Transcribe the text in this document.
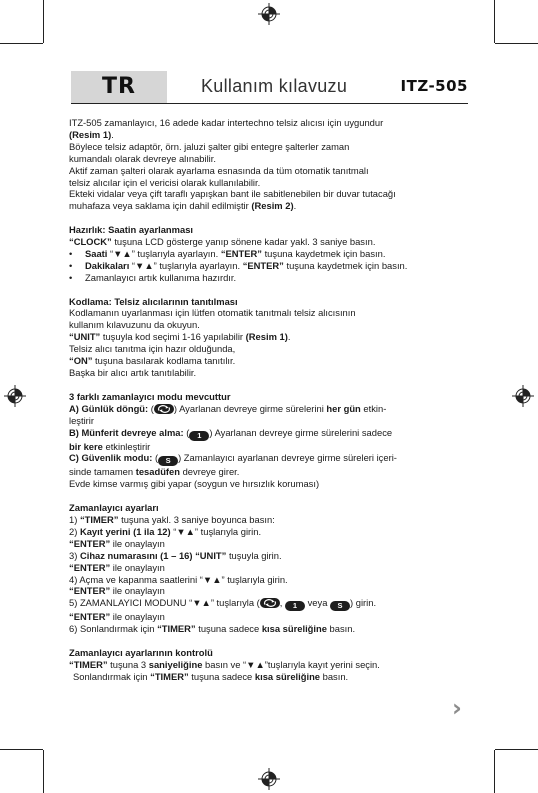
TR	Kullanım kılavuzu	ITZ-505

ITZ-505 zamanlayıcı, 16 adede kadar intertechno telsiz alıcısı için uygundur

(Resim 1).

Böylece telsiz adaptör, örn. jaluzi şalter gibi entegre şalterler zaman

kumandalı olarak devreye alınabilir.

Aktif zaman şalteri olarak ayarlama esnasında da tüm otomatik tanıtmalı

telsiz alıcılar için el vericisi olarak kullanılabilir.

Ekteki vidalar veya çift taraflı yapışkan bant ile sabitlenebilen bir duvar tutacağı

muhafaza veya saklama için dahil edilmiştir (Resim 2).

Hazırlık: Saatin ayarlanması

“CLOCK” tuşuna LCD gösterge yanıp sönene kadar yakl. 3 saniye basın.

• Saati “▼▲” tuşlarıyla ayarlayın. “ENTER” tuşuna kaydetmek için basın.

• Dakikaları “▼▲” tuşlarıyla ayarlayın. “ENTER” tuşuna kaydetmek için basın.

• Zamanlayıcı artık kullanıma hazırdır.

Kodlama: Telsiz alıcılarının tanıtılması

Kodlamanın uyarlanması için lütfen otomatik tanıtmalı telsiz alıcısının

kullanım kılavuzunu da okuyun.

“UNIT” tuşuyla kod seçimi 1-16 yapılabilir (Resim 1).

Telsiz alıcı tanıtma için hazır olduğunda,

“ON” tuşuna basılarak kodlama tanıtılır.

Başka bir alıcı artık tanıtılabilir.

3 farklı zamanlayıcı modu mevcuttur

A) Günlük döngü: ( ) Ayarlanan devreye girme sürelerini her gün etkin-

leştirir

B) Münferit devreye alma: ( 1 ) Ayarlanan devreye girme sürelerini sadece

bir kere etkinleştirir

C) Güvenlik modu: ( S ) Zamanlayıcı ayarlanan devreye girme süreleri içeri-

sinde tamamen tesadüfen devreye girer.

Evde kimse varmış gibi yapar (soygun ve hırsızlık koruması)

Zamanlayıcı ayarları

1) “TIMER” tuşuna yakl. 3 saniye boyunca basın:

2) Kayıt yerini (1 ila 12) “▼▲” tuşlarıyla girin.

“ENTER” ile onaylayın

3) Cihaz numarasını (1 – 16) “UNIT” tuşuyla girin.

“ENTER” ile onaylayın

4) Açma ve kapanma saatlerini “▼▲” tuşlarıyla girin.

“ENTER” ile onaylayın

5) ZAMANLAYICI MODUNU “▼▲” tuşlarıyla ( , 1 veya S ) girin.

“ENTER” ile onaylayın

6) Sonlandırmak için “TIMER” tuşuna sadece kısa süreliğine basın.

Zamanlayıcı ayarlarının kontrolü

“TIMER” tuşuna 3 saniyeliğine basın ve “▼▲”tuşlarıyla kayıt yerini seçin.

Sonlandırmak için “TIMER” tuşuna sadece kısa süreliğine basın.

›
